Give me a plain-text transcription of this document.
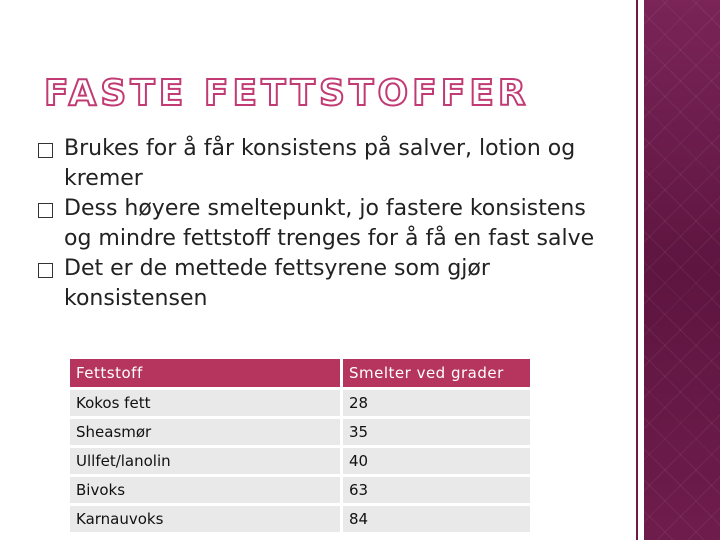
FASTE FETTSTOFFER
Brukes for å får konsistens på salver, lotion og kremer
Dess høyere smeltepunkt, jo fastere konsistens og mindre fettstoff trenges for å få en fast salve
Det er de mettede fettsyrene som gjør konsistensen
Fettstoff	Smelter ved grader
Kokos fett	28
Sheasmør	35
Ullfet/lanolin	40
Bivoks	63
Karnauvoks	84
